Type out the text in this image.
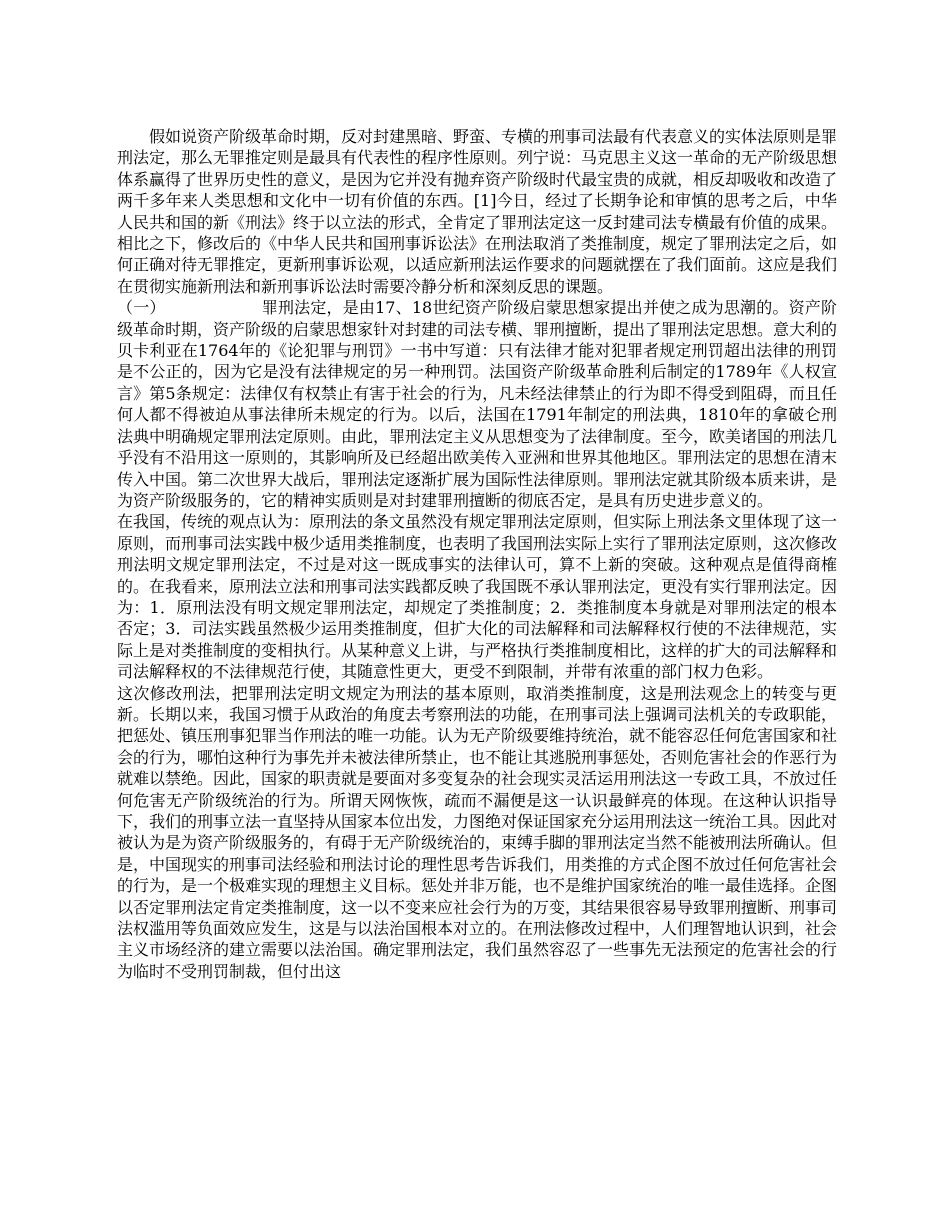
假如说资产阶级革命时期，反对封建黑暗、野蛮、专横的刑事司法最有代表意义的实体法原则是罪刑法定，那么无罪推定则是最具有代表性的程序性原则。列宁说：马克思主义这一革命的无产阶级思想体系赢得了世界历史性的意义，是因为它并没有抛弃资产阶级时代最宝贵的成就，相反却吸收和改造了两千多年来人类思想和文化中一切有价值的东西。[1]今日，经过了长期争论和审慎的思考之后，中华人民共和国的新《刑法》终于以立法的形式，全肯定了罪刑法定这一反封建司法专横最有价值的成果。相比之下，修改后的《中华人民共和国刑事诉讼法》在刑法取消了类推制度，规定了罪刑法定之后，如何正确对待无罪推定，更新刑事诉讼观，以适应新刑法运作要求的问题就摆在了我们面前。这应是我们在贯彻实施新刑法和新刑事诉讼法时需要冷静分析和深刻反思的课题。

（一）	罪刑法定，是由17、18世纪资产阶级启蒙思想家提出并使之成为思潮的。资产阶级革命时期，资产阶级的启蒙思想家针对封建的司法专横、罪刑擅断，提出了罪刑法定思想。意大利的贝卡利亚在1764年的《论犯罪与刑罚》一书中写道：只有法律才能对犯罪者规定刑罚超出法律的刑罚是不公正的，因为它是没有法律规定的另一种刑罚。法国资产阶级革命胜利后制定的1789年《人权宣言》第5条规定：法律仅有权禁止有害于社会的行为，凡未经法律禁止的行为即不得受到阻碍，而且任何人都不得被迫从事法律所未规定的行为。以后，法国在1791年制定的刑法典，1810年的拿破仑刑法典中明确规定罪刑法定原则。由此，罪刑法定主义从思想变为了法律制度。至今，欧美诸国的刑法几乎没有不沿用这一原则的，其影响所及已经超出欧美传入亚洲和世界其他地区。罪刑法定的思想在清末传入中国。第二次世界大战后，罪刑法定逐渐扩展为国际性法律原则。罪刑法定就其阶级本质来讲，是为资产阶级服务的，它的精神实质则是对封建罪刑擅断的彻底否定，是具有历史进步意义的。在我国，传统的观点认为：原刑法的条文虽然没有规定罪刑法定原则，但实际上刑法条文里体现了这一原则，而刑事司法实践中极少适用类推制度，也表明了我国刑法实际上实行了罪刑法定原则，这次修改刑法明文规定罪刑法定，不过是对这一既成事实的法律认可，算不上新的突破。这种观点是值得商榷的。在我看来，原刑法立法和刑事司法实践都反映了我国既不承认罪刑法定，更没有实行罪刑法定。因为：1．原刑法没有明文规定罪刑法定，却规定了类推制度；2．类推制度本身就是对罪刑法定的根本否定；3．司法实践虽然极少运用类推制度，但扩大化的司法解释和司法解释权行使的不法律规范，实际上是对类推制度的变相执行。从某种意义上讲，与严格执行类推制度相比，这样的扩大的司法解释和司法解释权的不法律规范行使，其随意性更大，更受不到限制，并带有浓重的部门权力色彩。这次修改刑法，把罪刑法定明文规定为刑法的基本原则，取消类推制度，这是刑法观念上的转变与更新。长期以来，我国习惯于从政治的角度去考察刑法的功能，在刑事司法上强调司法机关的专政职能，把惩处、镇压刑事犯罪当作刑法的唯一功能。认为无产阶级要维持统治，就不能容忍任何危害国家和社会的行为，哪怕这种行为事先并未被法律所禁止，也不能让其逃脱刑事惩处，否则危害社会的作恶行为就难以禁绝。因此，国家的职责就是要面对多变复杂的社会现实灵活运用刑法这一专政工具，不放过任何危害无产阶级统治的行为。所谓天网恢恢，疏而不漏便是这一认识最鲜亮的体现。在这种认识指导下，我们的刑事立法一直坚持从国家本位出发，力图绝对保证国家充分运用刑法这一统治工具。因此对被认为是为资产阶级服务的，有碍于无产阶级统治的，束缚手脚的罪刑法定当然不能被刑法所确认。但是，中国现实的刑事司法经验和刑法讨论的理性思考告诉我们，用类推的方式企图不放过任何危害社会的行为，是一个极难实现的理想主义目标。惩处并非万能，也不是维护国家统治的唯一最佳选择。企图以否定罪刑法定肯定类推制度，这一以不变来应社会行为的万变，其结果很容易导致罪刑擅断、刑事司法权滥用等负面效应发生，这是与以法治国根本对立的。在刑法修改过程中，人们理智地认识到，社会主义市场经济的建立需要以法治国。确定罪刑法定，我们虽然容忍了一些事先无法预定的危害社会的行为临时不受刑罚制裁，但付出这
